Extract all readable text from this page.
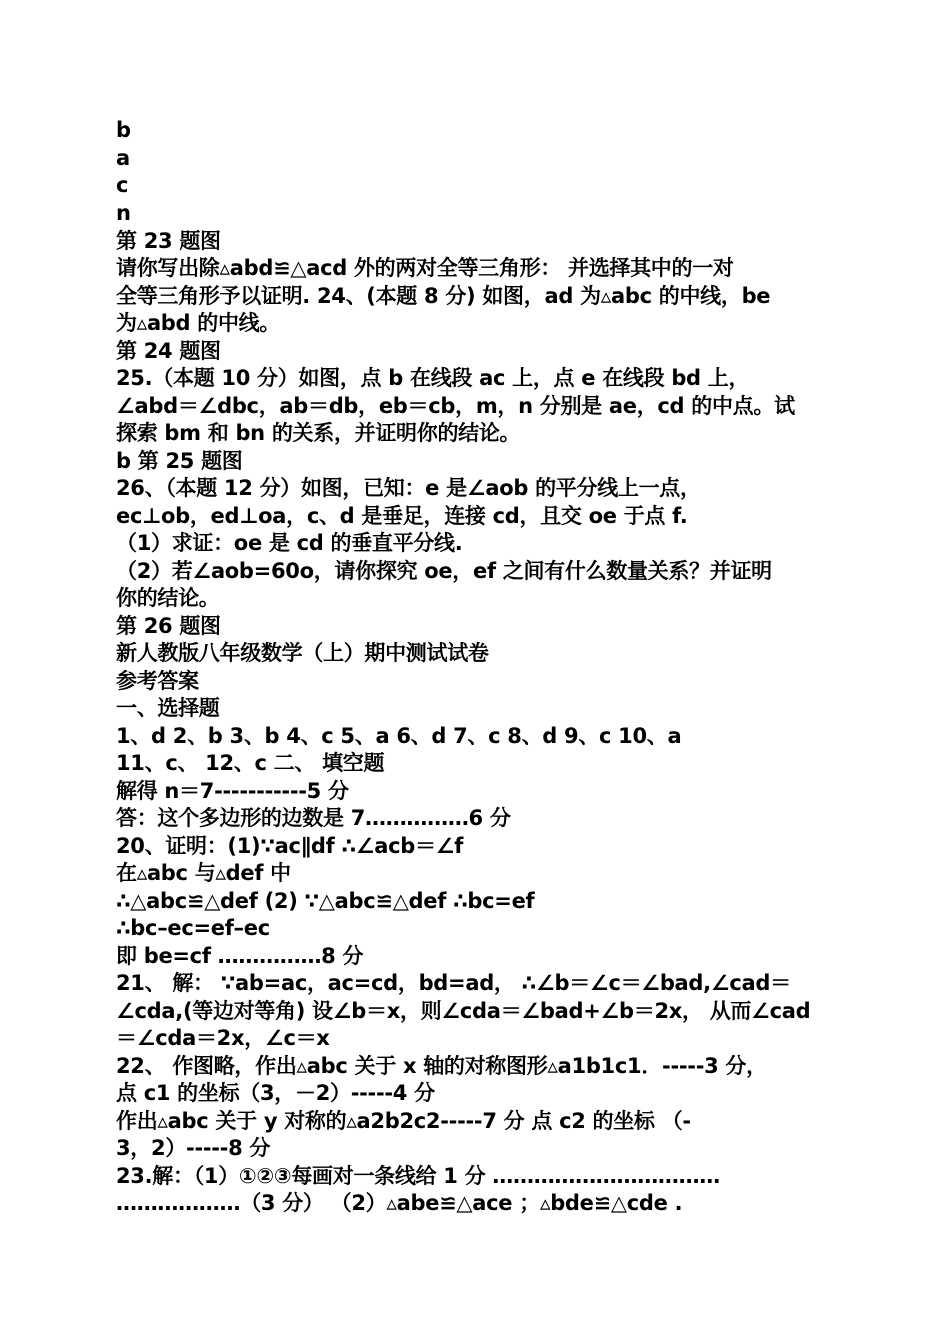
b
a
c
n
第 23 题图
请你写出除▵abd≌△acd 外的两对全等三角形： 并选择其中的一对
全等三角形予以证明. 24、(本题 8 分) 如图，ad 为▵abc 的中线，be
为▵abd 的中线。
第 24 题图
25.（本题 10 分）如图，点 b 在线段 ac 上，点 e 在线段 bd 上，
∠abd＝∠dbc，ab＝db，eb＝cb，m，n 分别是 ae，cd 的中点。试
探索 bm 和 bn 的关系，并证明你的结论。
b 第 25 题图
26、（本题 12 分）如图，已知：e 是∠aob 的平分线上一点，
ec⊥ob，ed⊥oa，c、d 是垂足，连接 cd，且交 oe 于点 f.
（1）求证：oe 是 cd 的垂直平分线.
（2）若∠aob=60o，请你探究 oe，ef 之间有什么数量关系？并证明
你的结论。
第 26 题图
新人教版八年级数学（上）期中测试试卷
参考答案
一、选择题
1、d 2、b 3、b 4、c 5、a 6、d 7、c 8、d 9、c 10、a
11、c、 12、c 二、 填空题
解得 n＝7-----------5 分
答：这个多边形的边数是 7……………6 分
20、证明：(1)∵ac∥df ∴∠acb＝∠f
在▵abc 与▵def 中
∴△abc≌△def (2) ∵△abc≌△def ∴bc=ef
∴bc–ec=ef–ec
即 be=cf ……………8 分
21、 解： ∵ab=ac，ac=cd，bd=ad， ∴∠b＝∠c＝∠bad,∠cad＝
∠cda,(等边对等角) 设∠b＝x，则∠cda＝∠bad+∠b＝2x， 从而∠cad
＝∠cda＝2x，∠c＝x
22、 作图略，作出▵abc 关于 x 轴的对称图形▵a1b1c1．-----3 分，
点 c1 的坐标（3，－2）-----4 分
作出▵abc 关于 y 对称的▵a2b2c2-----7 分 点 c2 的坐标 （-
3，2）-----8 分
23.解：（1）①②③每画对一条线给 1 分 ……………………………
………………（3 分） （2）▵abe≌△ace ；▵bde≌△cde .
